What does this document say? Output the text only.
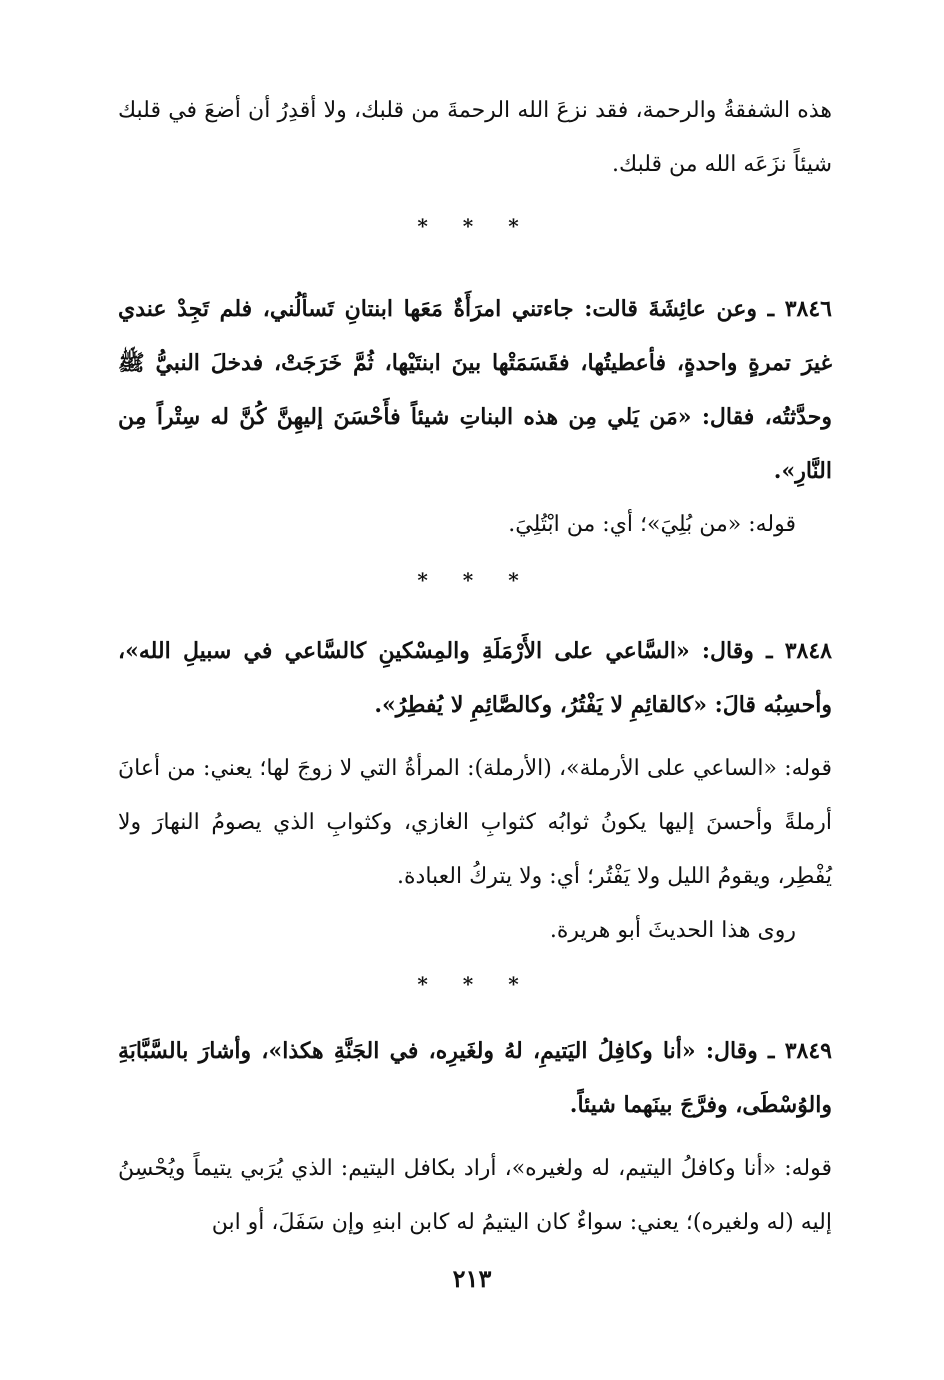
هذه الشفقةُ والرحمة، فقد نزعَ الله الرحمةَ من قلبك، ولا أقدِرُ أن أضعَ في قلبك شيئاً نزَعَه الله من قلبك.

* * *

٣٨٤٦ ـ وعن عائِشَةَ قالت: جاءتني امرَأَةٌ مَعَها ابنتانِ تَسألُني، فلم تَجِدْ عندي غيرَ تمرةٍ واحدةٍ، فأعطيتُها، فقَسَمَتْها بينَ ابنتَيْها، ثُمَّ خَرَجَتْ، فدخلَ النبيُّ ﷺ وحدَّثتُه، فقال: «مَن يَلي مِن هذه البناتِ شيئاً فأَحْسَنَ إليهِنَّ كُنَّ له سِتْراً مِن النَّارِ».

قوله: «من بُلِيَ»؛ أي: من ابْتُلِيَ.

* * *

٣٨٤٨ ـ وقال: «السَّاعي على الأَرْمَلَةِ والمِسْكينِ كالسَّاعي في سبيلِ الله»، وأحسِبُه قالَ: «كالقائِمِ لا يَفْتُرُ، وكالصَّائِمِ لا يُفطِرُ».

قوله: «الساعي على الأرملة»، (الأرملة): المرأةُ التي لا زوجَ لها؛ يعني: من أعانَ أرملةً وأحسنَ إليها يكونُ ثوابُه كثوابِ الغازي، وكثوابِ الذي يصومُ النهارَ ولا يُفْطِر، ويقومُ الليل ولا يَفْتُر؛ أي: ولا يتركُ العبادة.

روى هذا الحديثَ أبو هريرة.

* * *

٣٨٤٩ ـ وقال: «أنا وكافِلُ اليَتيمِ، لهُ ولغَيرِه، في الجَنَّةِ هكذا»، وأشارَ بالسَّبَّابَةِ والوُسْطَى، وفرَّجَ بينَهما شيئاً.

قوله: «أنا وكافلُ اليتيم، له ولغيره»، أراد بكافل اليتيم: الذي يُرَبي يتيماً ويُحْسِنُ إليه (له ولغيره)؛ يعني: سواءٌ كان اليتيمُ له كابن ابنهِ وإن سَفَلَ، أو ابن

٢١٣
